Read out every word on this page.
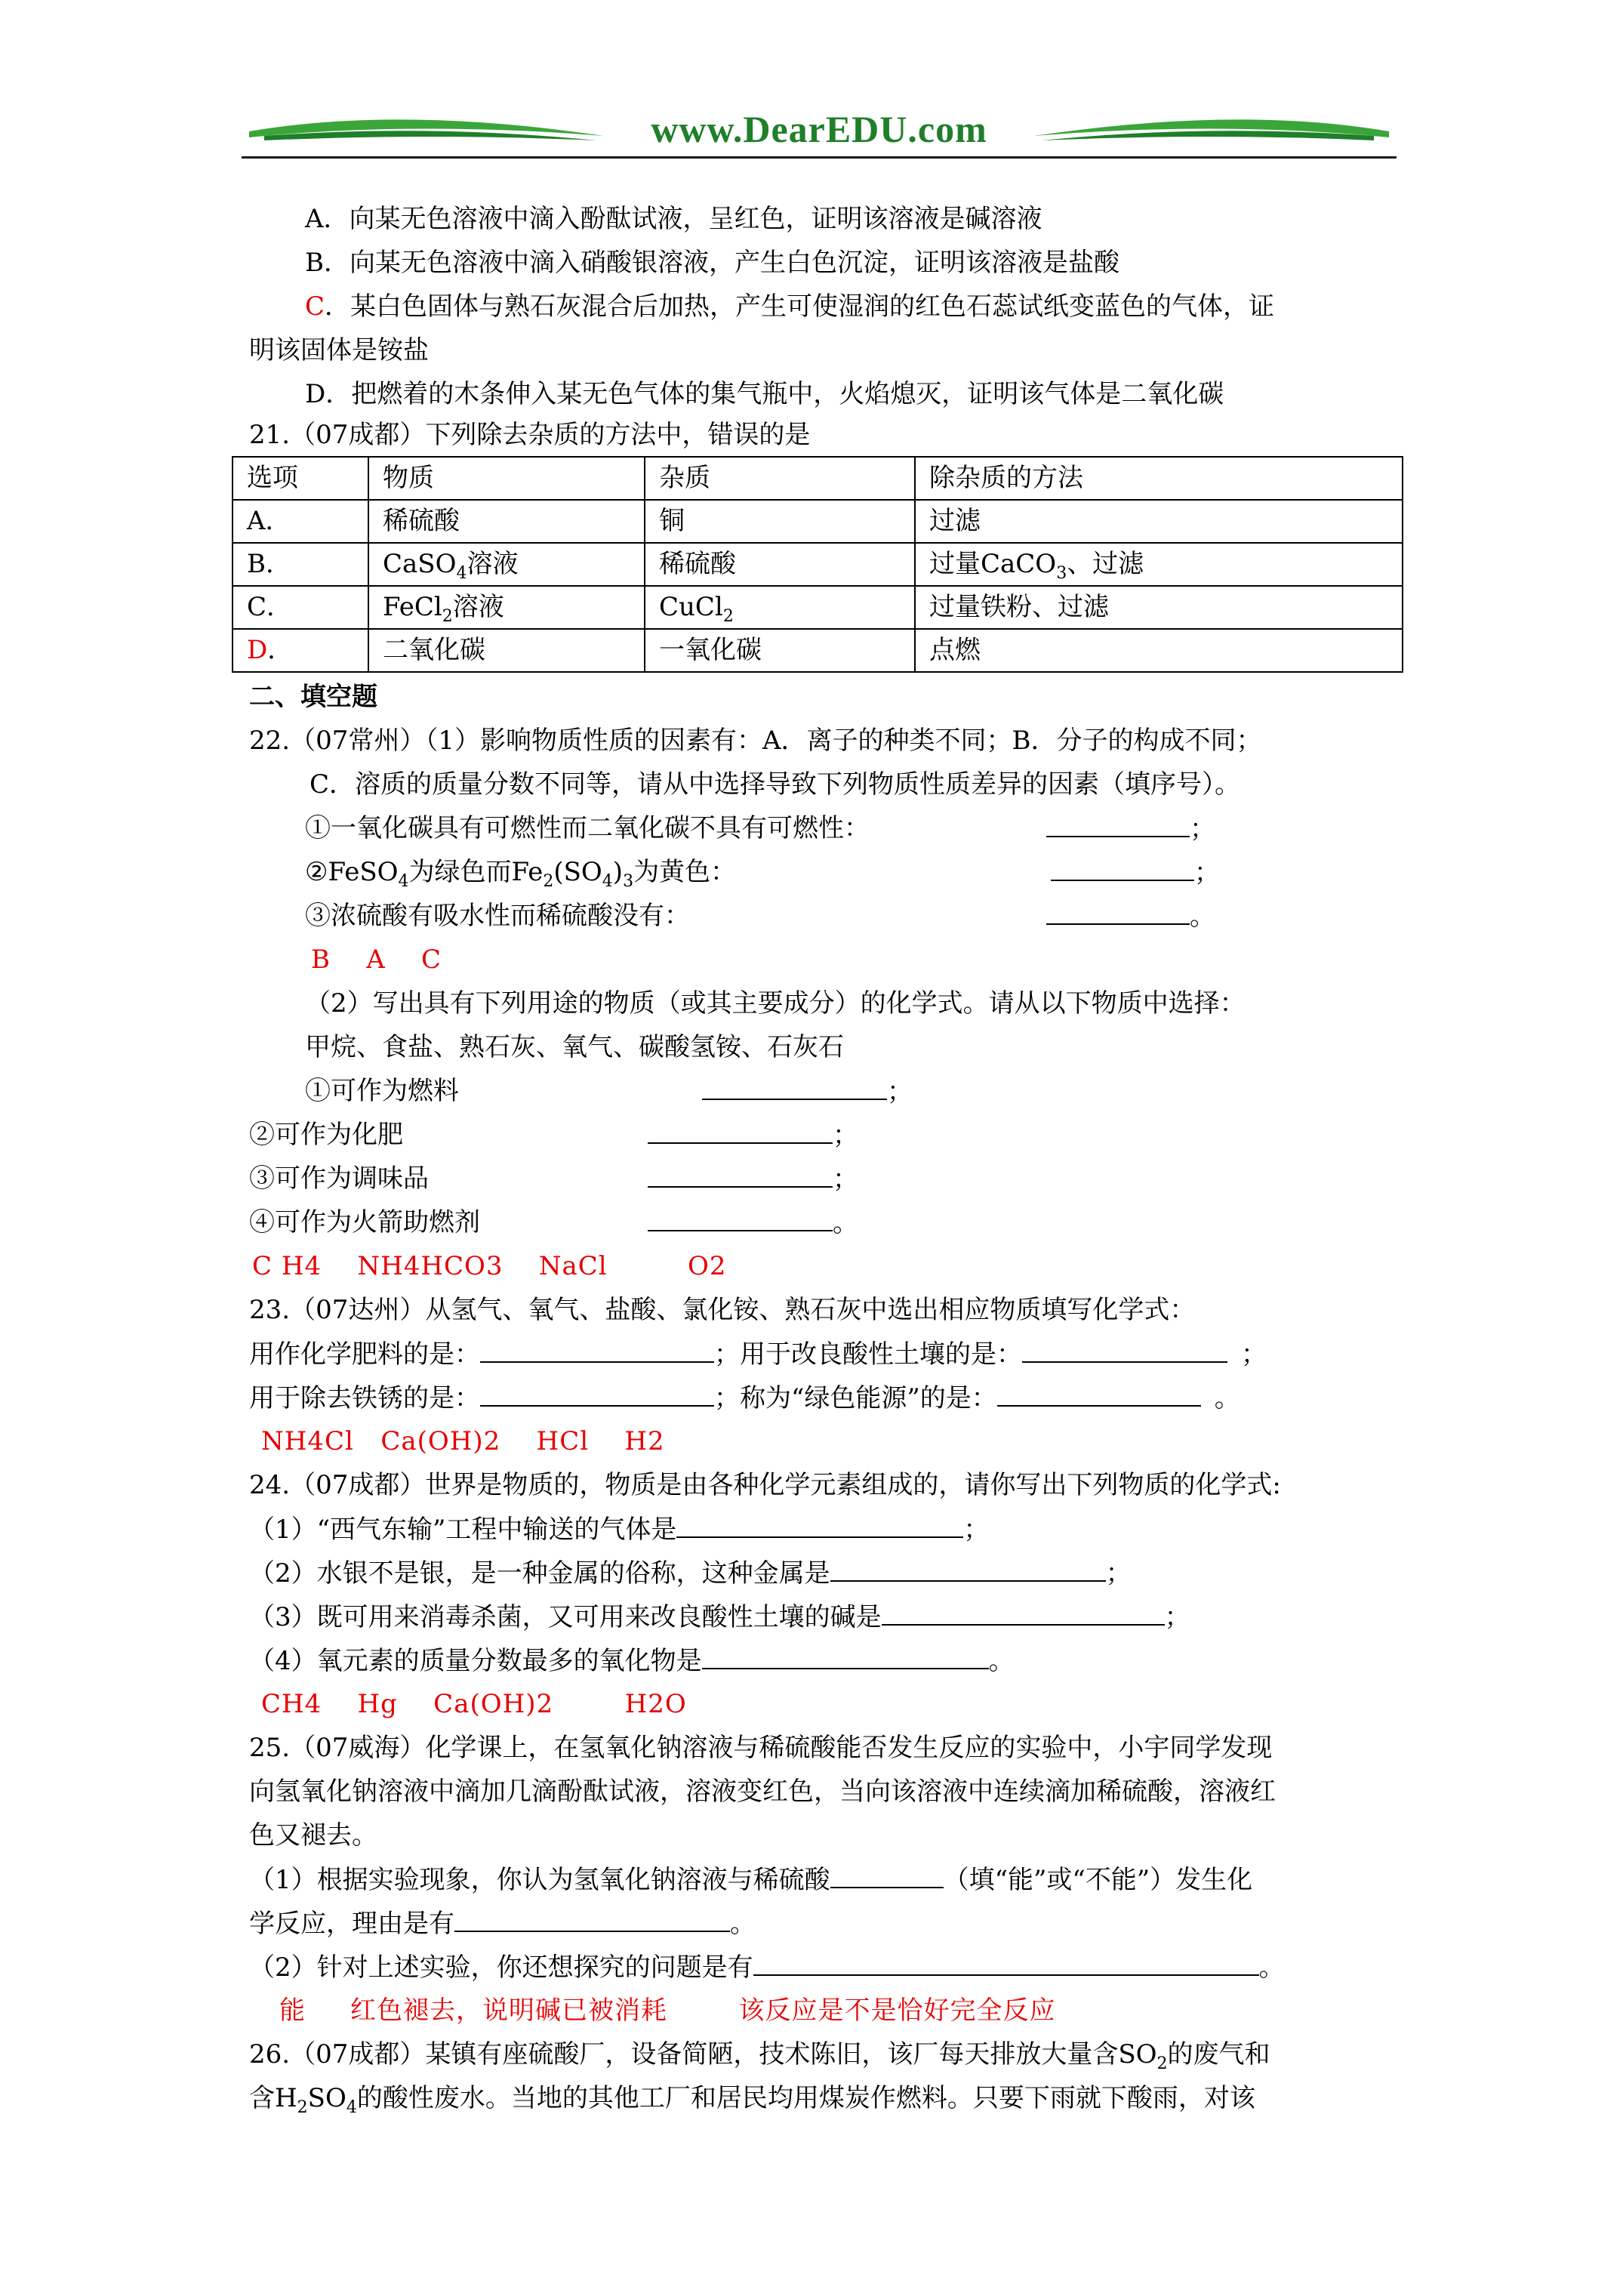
www.DearEDU.com
A．向某无色溶液中滴入酚酞试液，呈红色，证明该溶液是碱溶液
B．向某无色溶液中滴入硝酸银溶液，产生白色沉淀，证明该溶液是盐酸
C．某白色固体与熟石灰混合后加热，产生可使湿润的红色石蕊试纸变蓝色的气体，证
明该固体是铵盐
D．把燃着的木条伸入某无色气体的集气瓶中，火焰熄灭，证明该气体是二氧化碳
21.（07成都）下列除去杂质的方法中，错误的是
选项	物质	杂质	除杂质的方法
A．	稀硫酸	铜	过滤
B．	CaSO$_4$溶液	稀硫酸	过量CaCO$_3$、过滤
C．	FeCl$_2$溶液	CuCl$_2$	过量铁粉、过滤
D．	二氧化碳	一氧化碳	点燃
二、填空题
22.（07常州）（1）影响物质性质的因素有：A．离子的种类不同；B．分子的构成不同；
C．溶质的质量分数不同等，请从中选择导致下列物质性质差异的因素（填序号）。
①一氧化碳具有可燃性而二氧化碳不具有可燃性：	；
②FeSO$_4$为绿色而$Fe_2(SO_4)_3$为黄色：	；
③浓硫酸有吸水性而稀硫酸没有：	。
B    A    C
（2）写出具有下列用途的物质（或其主要成分）的化学式。请从以下物质中选择：
甲烷、食盐、熟石灰、氧气、碳酸氢铵、石灰石
①可作为燃料	；
②可作为化肥	；
③可作为调味品	；
④可作为火箭助燃剂	。
C H4    NH4HCO3    NaCl         O2
23.（07达州）从氢气、氧气、盐酸、氯化铵、熟石灰中选出相应物质填写化学式：
用作化学肥料的是：	；用于改良酸性土壤的是：	；
用于除去铁锈的是：	；称为“绿色能源”的是：	。
NH4Cl   Ca(OH)2    HCl    H2
24.（07成都）世界是物质的，物质是由各种化学元素组成的，请你写出下列物质的化学式:
（1）“西气东输”工程中输送的气体是	；
（2）水银不是银，是一种金属的俗称，这种金属是	；
（3）既可用来消毒杀菌，又可用来改良酸性土壤的碱是	；
（4）氧元素的质量分数最多的氧化物是	。
CH4    Hg    Ca(OH)2        H2O
25.（07威海）化学课上，在氢氧化钠溶液与稀硫酸能否发生反应的实验中，小宇同学发现
向氢氧化钠溶液中滴加几滴酚酞试液，溶液变红色，当向该溶液中连续滴加稀硫酸，溶液红
色又褪去。
（1）根据实验现象，你认为氢氧化钠溶液与稀硫酸	（填“能”或“不能”）发生化
学反应，理由是有	。
（2）针对上述实验，你还想探究的问题是有	。
能     红色褪去，说明碱已被消耗        该反应是不是恰好完全反应
26.（07成都）某镇有座硫酸厂，设备简陋，技术陈旧，该厂每天排放大量含$SO_2$的废气和
含$H_2SO_4$的酸性废水。当地的其他工厂和居民均用煤炭作燃料。只要下雨就下酸雨，对该
